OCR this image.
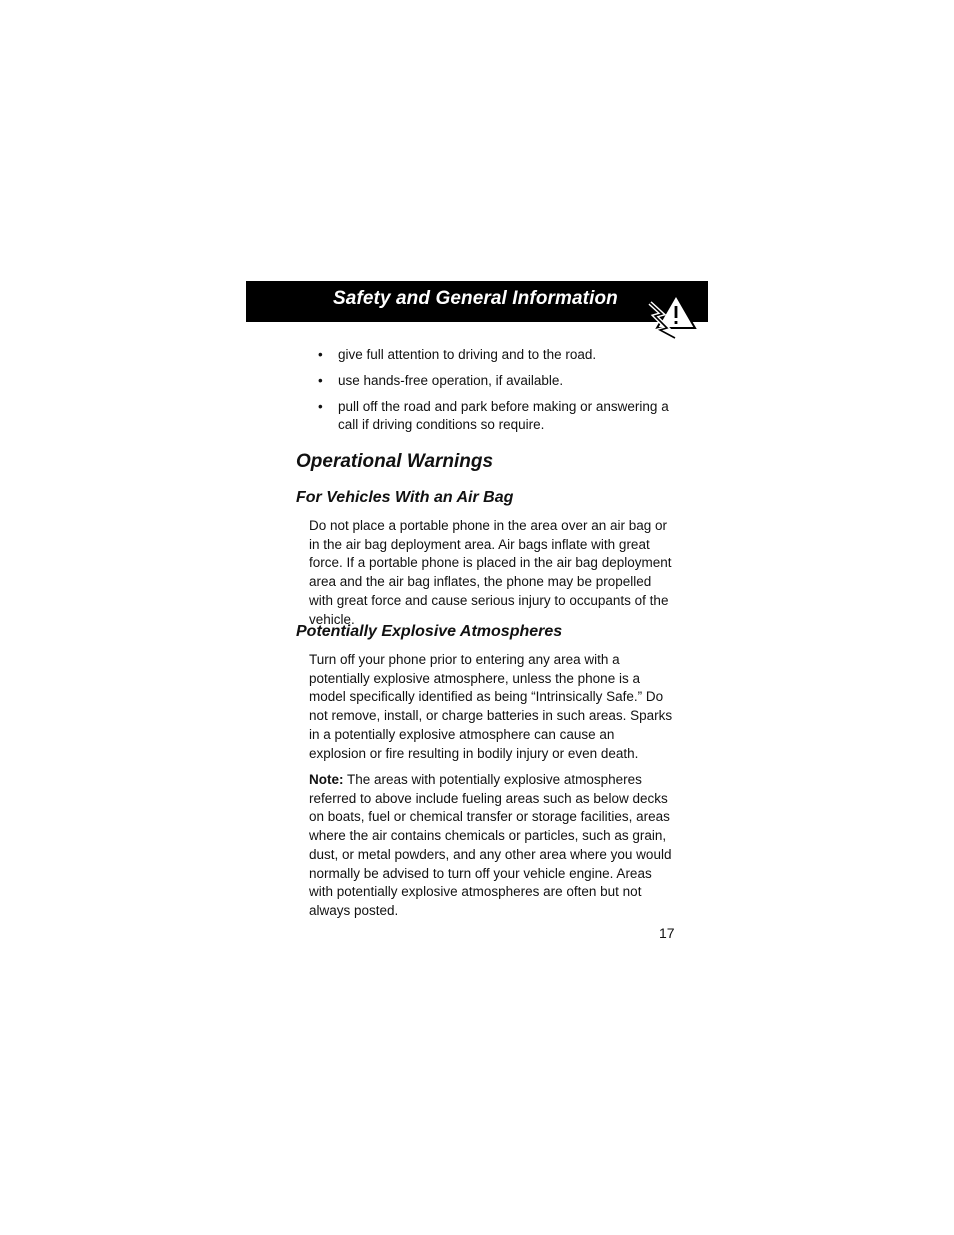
Safety and General Information
• give full attention to driving and to the road.
• use hands-free operation, if available.
• pull off the road and park before making or answering a call if driving conditions so require.
Operational Warnings
For Vehicles With an Air Bag

Do not place a portable phone in the area over an air bag or in the air bag deployment area. Air bags inflate with great force. If a portable phone is placed in the air bag deployment area and the air bag inflates, the phone may be propelled with great force and cause serious injury to occupants of the vehicle.

Potentially Explosive Atmospheres

Turn off your phone prior to entering any area with a potentially explosive atmosphere, unless the phone is a model specifically identified as being “Intrinsically Safe.” Do not remove, install, or charge batteries in such areas. Sparks in a potentially explosive atmosphere can cause an explosion or fire resulting in bodily injury or even death.

Note: The areas with potentially explosive atmospheres referred to above include fueling areas such as below decks on boats, fuel or chemical transfer or storage facilities, areas where the air contains chemicals or particles, such as grain, dust, or metal powders, and any other area where you would normally be advised to turn off your vehicle engine. Areas with potentially explosive atmospheres are often but not always posted.

17
